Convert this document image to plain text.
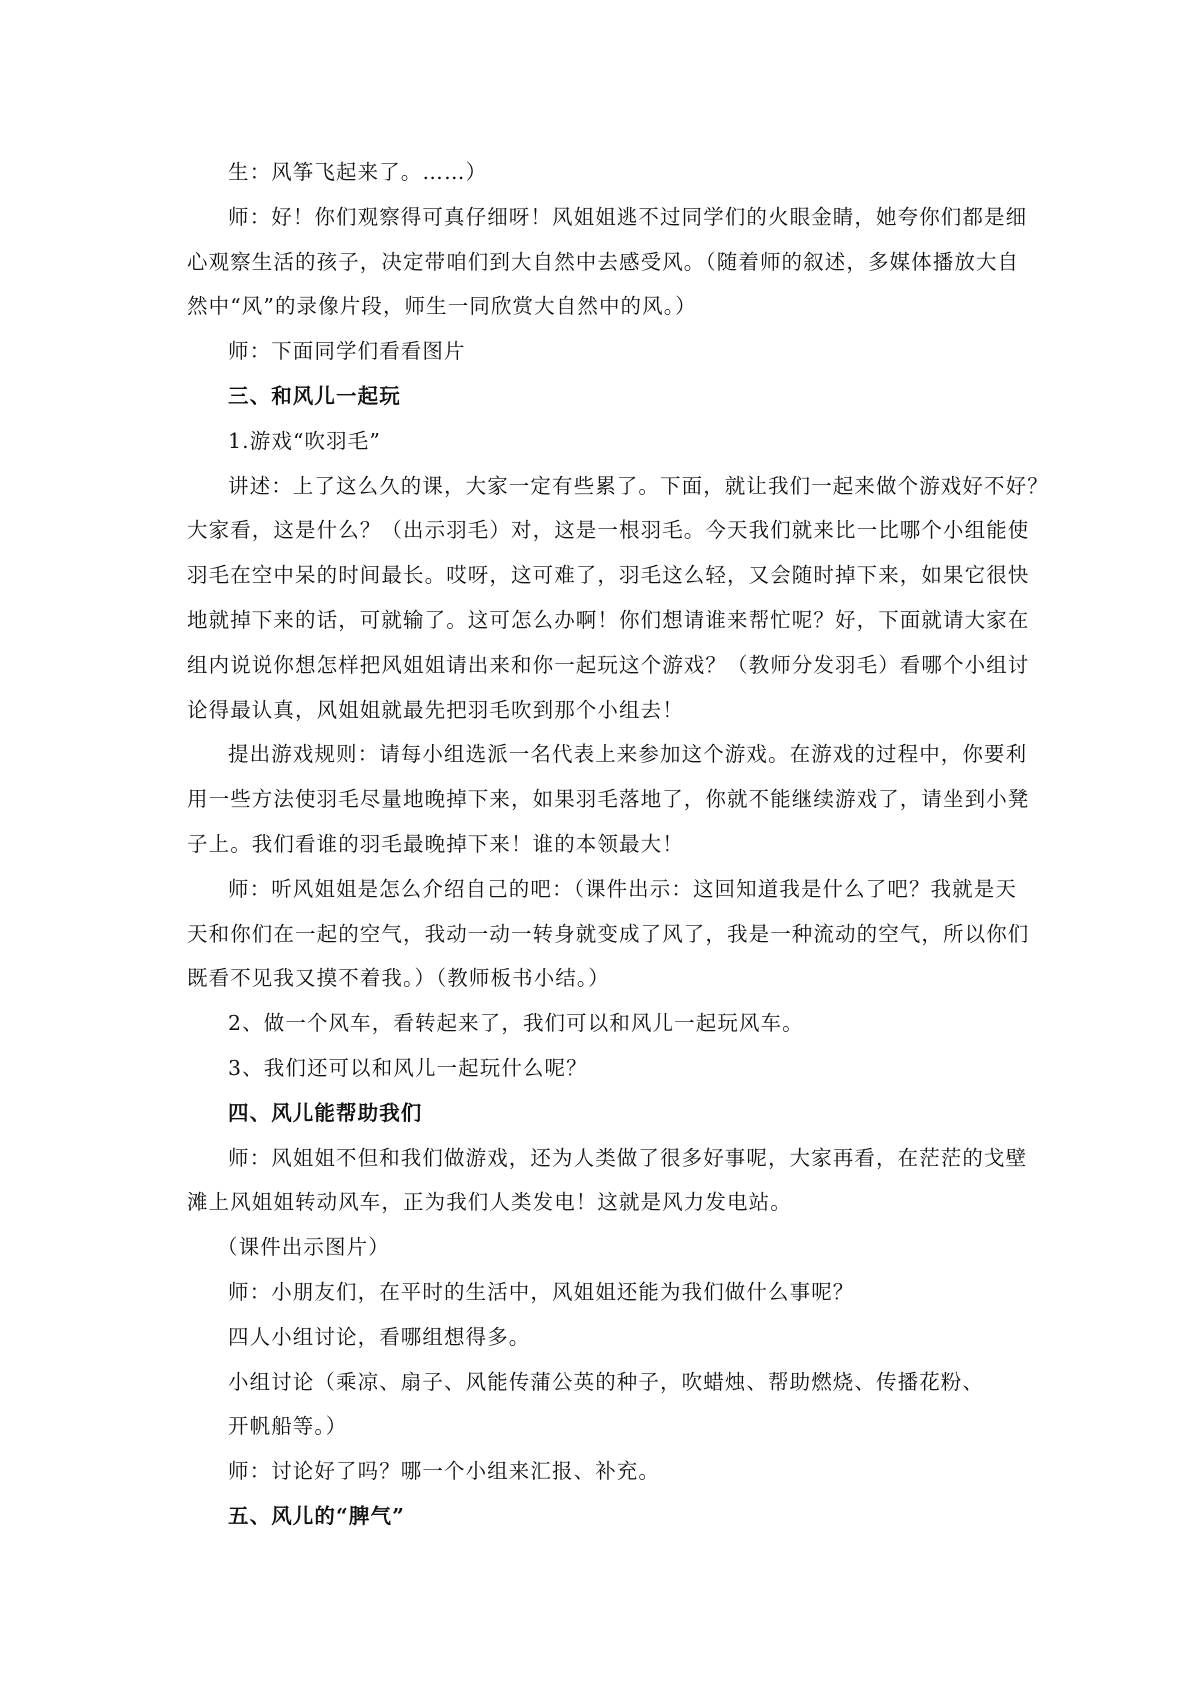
生：风筝飞起来了。……）

师：好！你们观察得可真仔细呀！风姐姐逃不过同学们的火眼金睛，她夸你们都是细

心观察生活的孩子，决定带咱们到大自然中去感受风。（随着师的叙述，多媒体播放大自

然中“风”的录像片段，师生一同欣赏大自然中的风。）

师：下面同学们看看图片

三、和风儿一起玩

1.游戏“吹羽毛”

讲述：上了这么久的课，大家一定有些累了。下面，就让我们一起来做个游戏好不好？

大家看，这是什么？（出示羽毛）对，这是一根羽毛。今天我们就来比一比哪个小组能使

羽毛在空中呆的时间最长。哎呀，这可难了，羽毛这么轻，又会随时掉下来，如果它很快

地就掉下来的话，可就输了。这可怎么办啊！你们想请谁来帮忙呢？好，下面就请大家在

组内说说你想怎样把风姐姐请出来和你一起玩这个游戏？（教师分发羽毛）看哪个小组讨

论得最认真，风姐姐就最先把羽毛吹到那个小组去！

提出游戏规则：请每小组选派一名代表上来参加这个游戏。在游戏的过程中，你要利

用一些方法使羽毛尽量地晚掉下来，如果羽毛落地了，你就不能继续游戏了，请坐到小凳

子上。我们看谁的羽毛最晚掉下来！谁的本领最大！

师：听风姐姐是怎么介绍自己的吧：（课件出示：这回知道我是什么了吧？我就是天

天和你们在一起的空气，我动一动一转身就变成了风了，我是一种流动的空气，所以你们

既看不见我又摸不着我。）（教师板书小结。）

2、做一个风车，看转起来了，我们可以和风儿一起玩风车。

3、我们还可以和风儿一起玩什么呢？

四、风儿能帮助我们

师：风姐姐不但和我们做游戏，还为人类做了很多好事呢，大家再看，在茫茫的戈壁

滩上风姐姐转动风车，正为我们人类发电！这就是风力发电站。

（课件出示图片）

师：小朋友们，在平时的生活中，风姐姐还能为我们做什么事呢？

四人小组讨论，看哪组想得多。

小组讨论（乘凉、扇子、风能传蒲公英的种子，吹蜡烛、帮助燃烧、传播花粉、

开帆船等。）

师：讨论好了吗？哪一个小组来汇报、补充。

五、风儿的“脾气”
